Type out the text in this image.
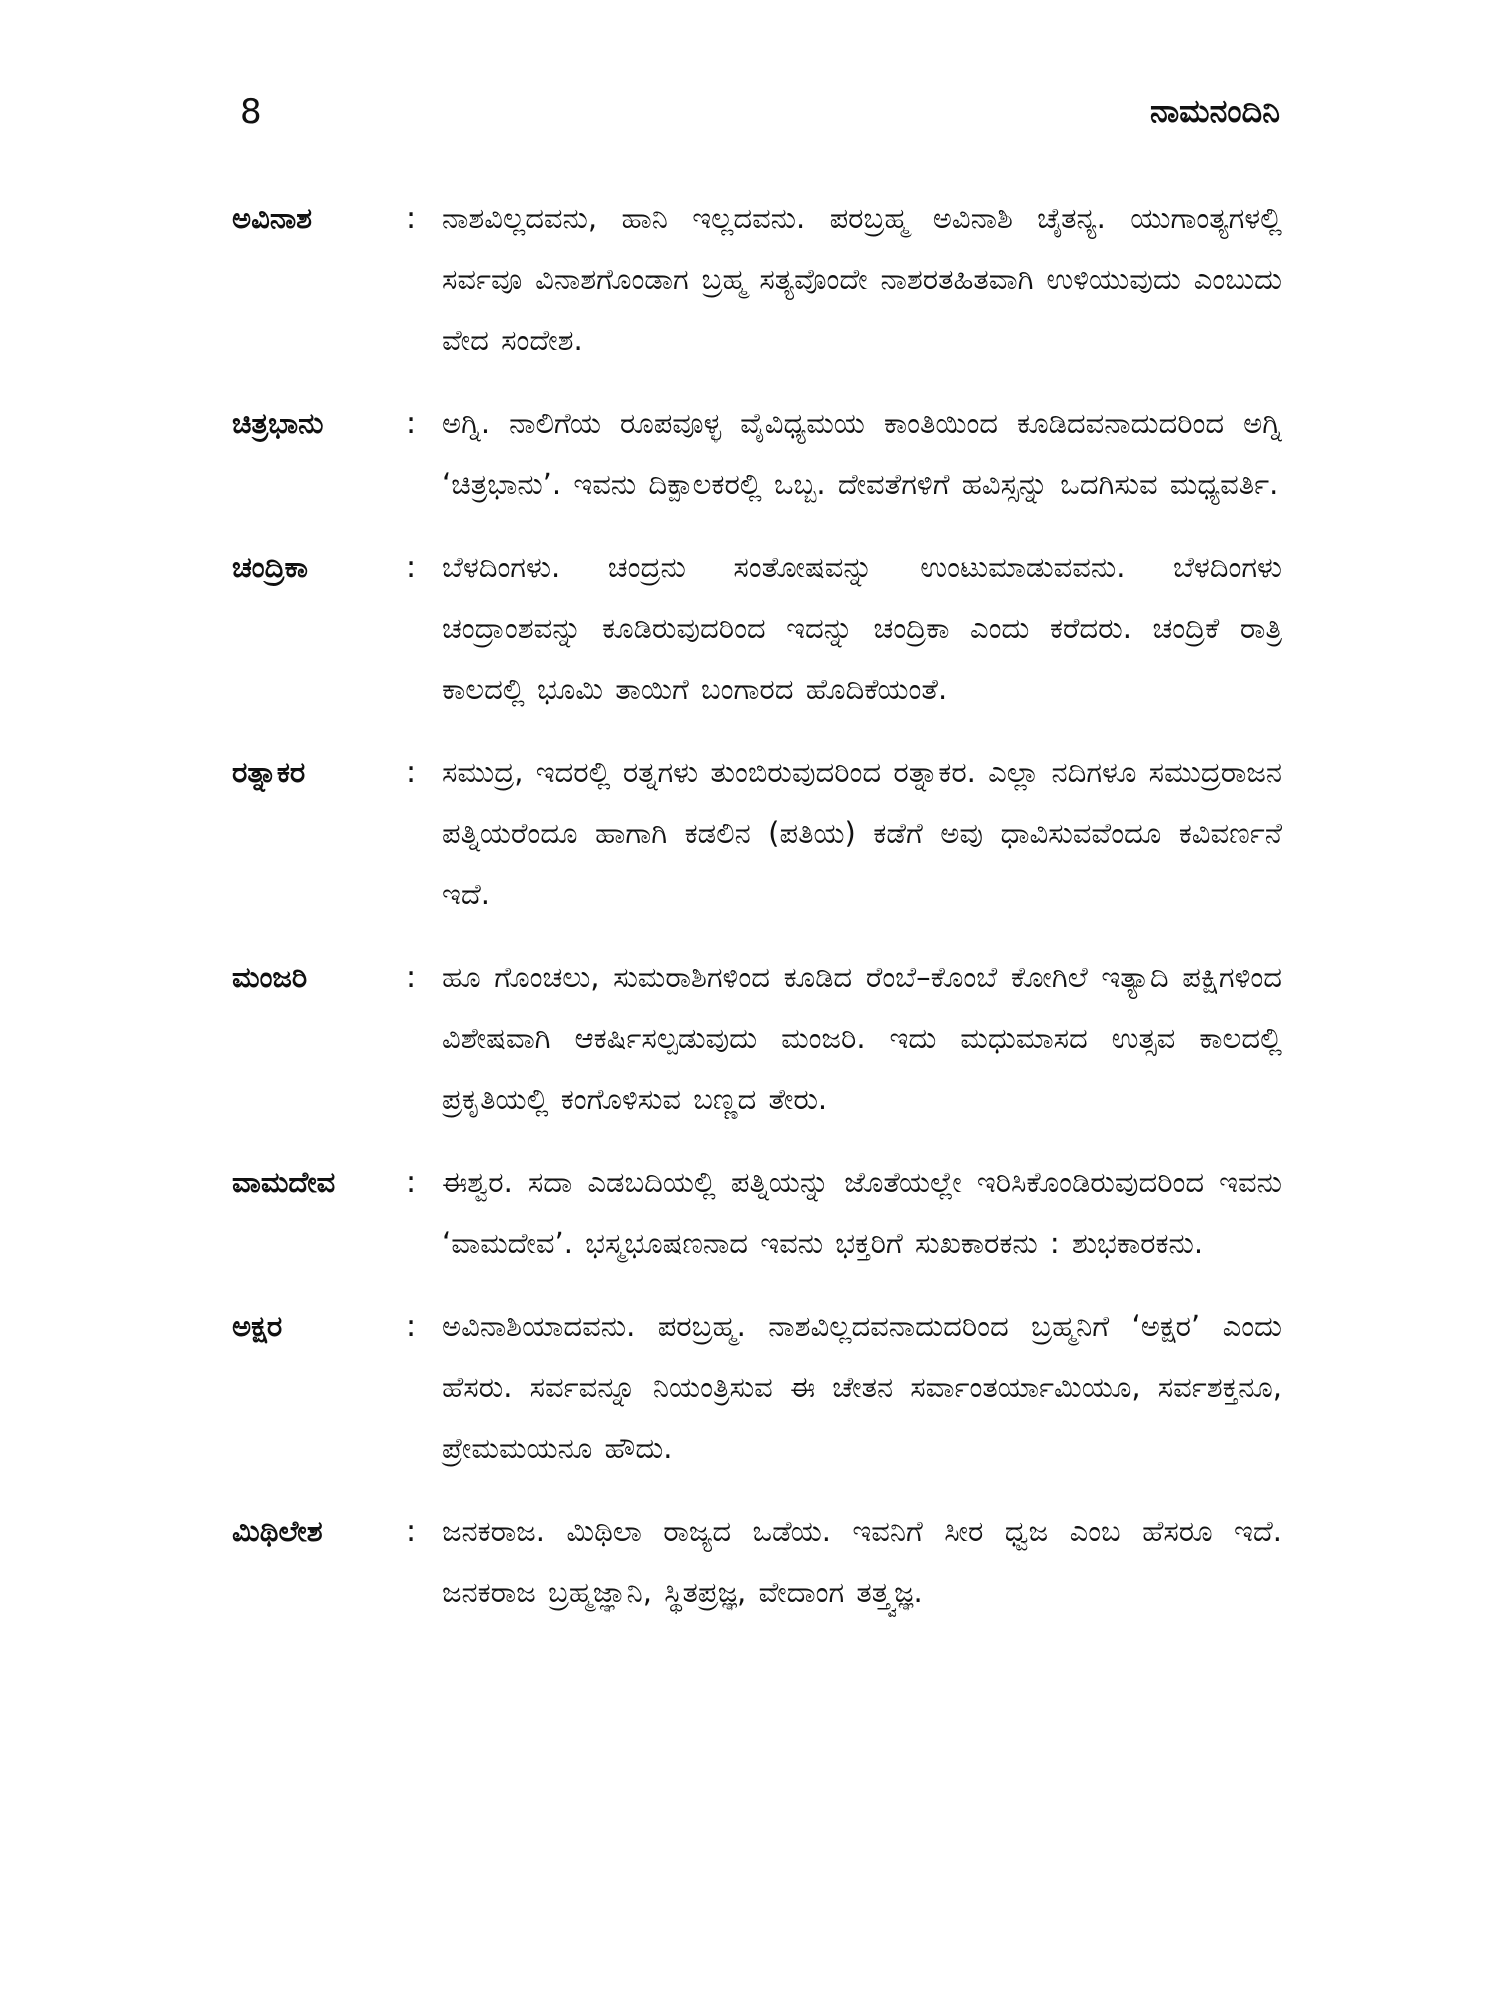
8	ನಾಮನಂದಿನಿ
ಅವಿನಾಶ	: ನಾಶವಿಲ್ಲದವನು, ಹಾನಿ ಇಲ್ಲದವನು. ಪರಬ್ರಹ್ಮ ಅವಿನಾಶಿ ಚೈತನ್ಯ. ಯುಗಾಂತ್ಯಗಳಲ್ಲಿ ಸರ್ವವೂ ವಿನಾಶಗೊಂಡಾಗ ಬ್ರಹ್ಮ ಸತ್ಯವೊಂದೇ ನಾಶರತಹಿತವಾಗಿ ಉಳಿಯುವುದು ಎಂಬುದು ವೇದ ಸಂದೇಶ.
ಚಿತ್ರಭಾನು	: ಅಗ್ನಿ. ನಾಲಿಗೆಯ ರೂಪವೂಳ್ಳ ವೈವಿಧ್ಯಮಯ ಕಾಂತಿಯಿಂದ ಕೂಡಿದವನಾದುದರಿಂದ ಅಗ್ನಿ ‘ಚಿತ್ರಭಾನು’. ಇವನು ದಿಕ್ಪಾಲಕರಲ್ಲಿ ಒಬ್ಬ. ದೇವತೆಗಳಿಗೆ ಹವಿಸ್ಸನ್ನು ಒದಗಿಸುವ ಮಧ್ಯವರ್ತಿ.
ಚಂದ್ರಿಕಾ	: ಬೆಳದಿಂಗಳು. ಚಂದ್ರನು ಸಂತೋಷವನ್ನು ಉಂಟುಮಾಡುವವನು. ಬೆಳದಿಂಗಳು ಚಂದ್ರಾಂಶವನ್ನು ಕೂಡಿರುವುದರಿಂದ ಇದನ್ನು ಚಂದ್ರಿಕಾ ಎಂದು ಕರೆದರು. ಚಂದ್ರಿಕೆ ರಾತ್ರಿ ಕಾಲದಲ್ಲಿ ಭೂಮಿ ತಾಯಿಗೆ ಬಂಗಾರದ ಹೊದಿಕೆಯಂತೆ.
ರತ್ನಾಕರ	: ಸಮುದ್ರ, ಇದರಲ್ಲಿ ರತ್ನಗಳು ತುಂಬಿರುವುದರಿಂದ ರತ್ನಾಕರ. ಎಲ್ಲಾ ನದಿಗಳೂ ಸಮುದ್ರರಾಜನ ಪತ್ನಿಯರೆಂದೂ ಹಾಗಾಗಿ ಕಡಲಿನ (ಪತಿಯ) ಕಡೆಗೆ ಅವು ಧಾವಿಸುವವೆಂದೂ ಕವಿವರ್ಣನೆ ಇದೆ.
ಮಂಜರಿ	: ಹೂ ಗೊಂಚಲು, ಸುಮರಾಶಿಗಳಿಂದ ಕೂಡಿದ ರೆಂಬೆ–ಕೊಂಬೆ ಕೋಗಿಲೆ ಇತ್ಯಾದಿ ಪಕ್ಷಿಗಳಿಂದ ವಿಶೇಷವಾಗಿ ಆಕರ್ಷಿಸಲ್ಪಡುವುದು ಮಂಜರಿ. ಇದು ಮಧುಮಾಸದ ಉತ್ಸವ ಕಾಲದಲ್ಲಿ ಪ್ರಕೃತಿಯಲ್ಲಿ ಕಂಗೊಳಿಸುವ ಬಣ್ಣದ ತೇರು.
ವಾಮದೇವ	: ಈಶ್ವರ. ಸದಾ ಎಡಬದಿಯಲ್ಲಿ ಪತ್ನಿಯನ್ನು ಜೊತೆಯಲ್ಲೇ ಇರಿಸಿಕೊಂಡಿರುವುದರಿಂದ ಇವನು ‘ವಾಮದೇವ’. ಭಸ್ಮಭೂಷಣನಾದ ಇವನು ಭಕ್ತರಿಗೆ ಸುಖಕಾರಕನು : ಶುಭಕಾರಕನು.
ಅಕ್ಷರ	: ಅವಿನಾಶಿಯಾದವನು. ಪರಬ್ರಹ್ಮ. ನಾಶವಿಲ್ಲದವನಾದುದರಿಂದ ಬ್ರಹ್ಮನಿಗೆ ‘ಅಕ್ಷರ’ ಎಂದು ಹೆಸರು. ಸರ್ವವನ್ನೂ ನಿಯಂತ್ರಿಸುವ ಈ ಚೇತನ ಸರ್ವಾಂತರ್ಯಾಮಿಯೂ, ಸರ್ವಶಕ್ತನೂ, ಪ್ರೇಮಮಯನೂ ಹೌದು.
ಮಿಥಿಲೇಶ	: ಜನಕರಾಜ. ಮಿಥಿಲಾ ರಾಜ್ಯದ ಒಡೆಯ. ಇವನಿಗೆ ಸೀರ ಧ್ವಜ ಎಂಬ ಹೆಸರೂ ಇದೆ. ಜನಕರಾಜ ಬ್ರಹ್ಮಜ್ಞಾನಿ, ಸ್ಥಿತಪ್ರಜ್ಞ, ವೇದಾಂಗ ತತ್ತ್ವಜ್ಞ.
